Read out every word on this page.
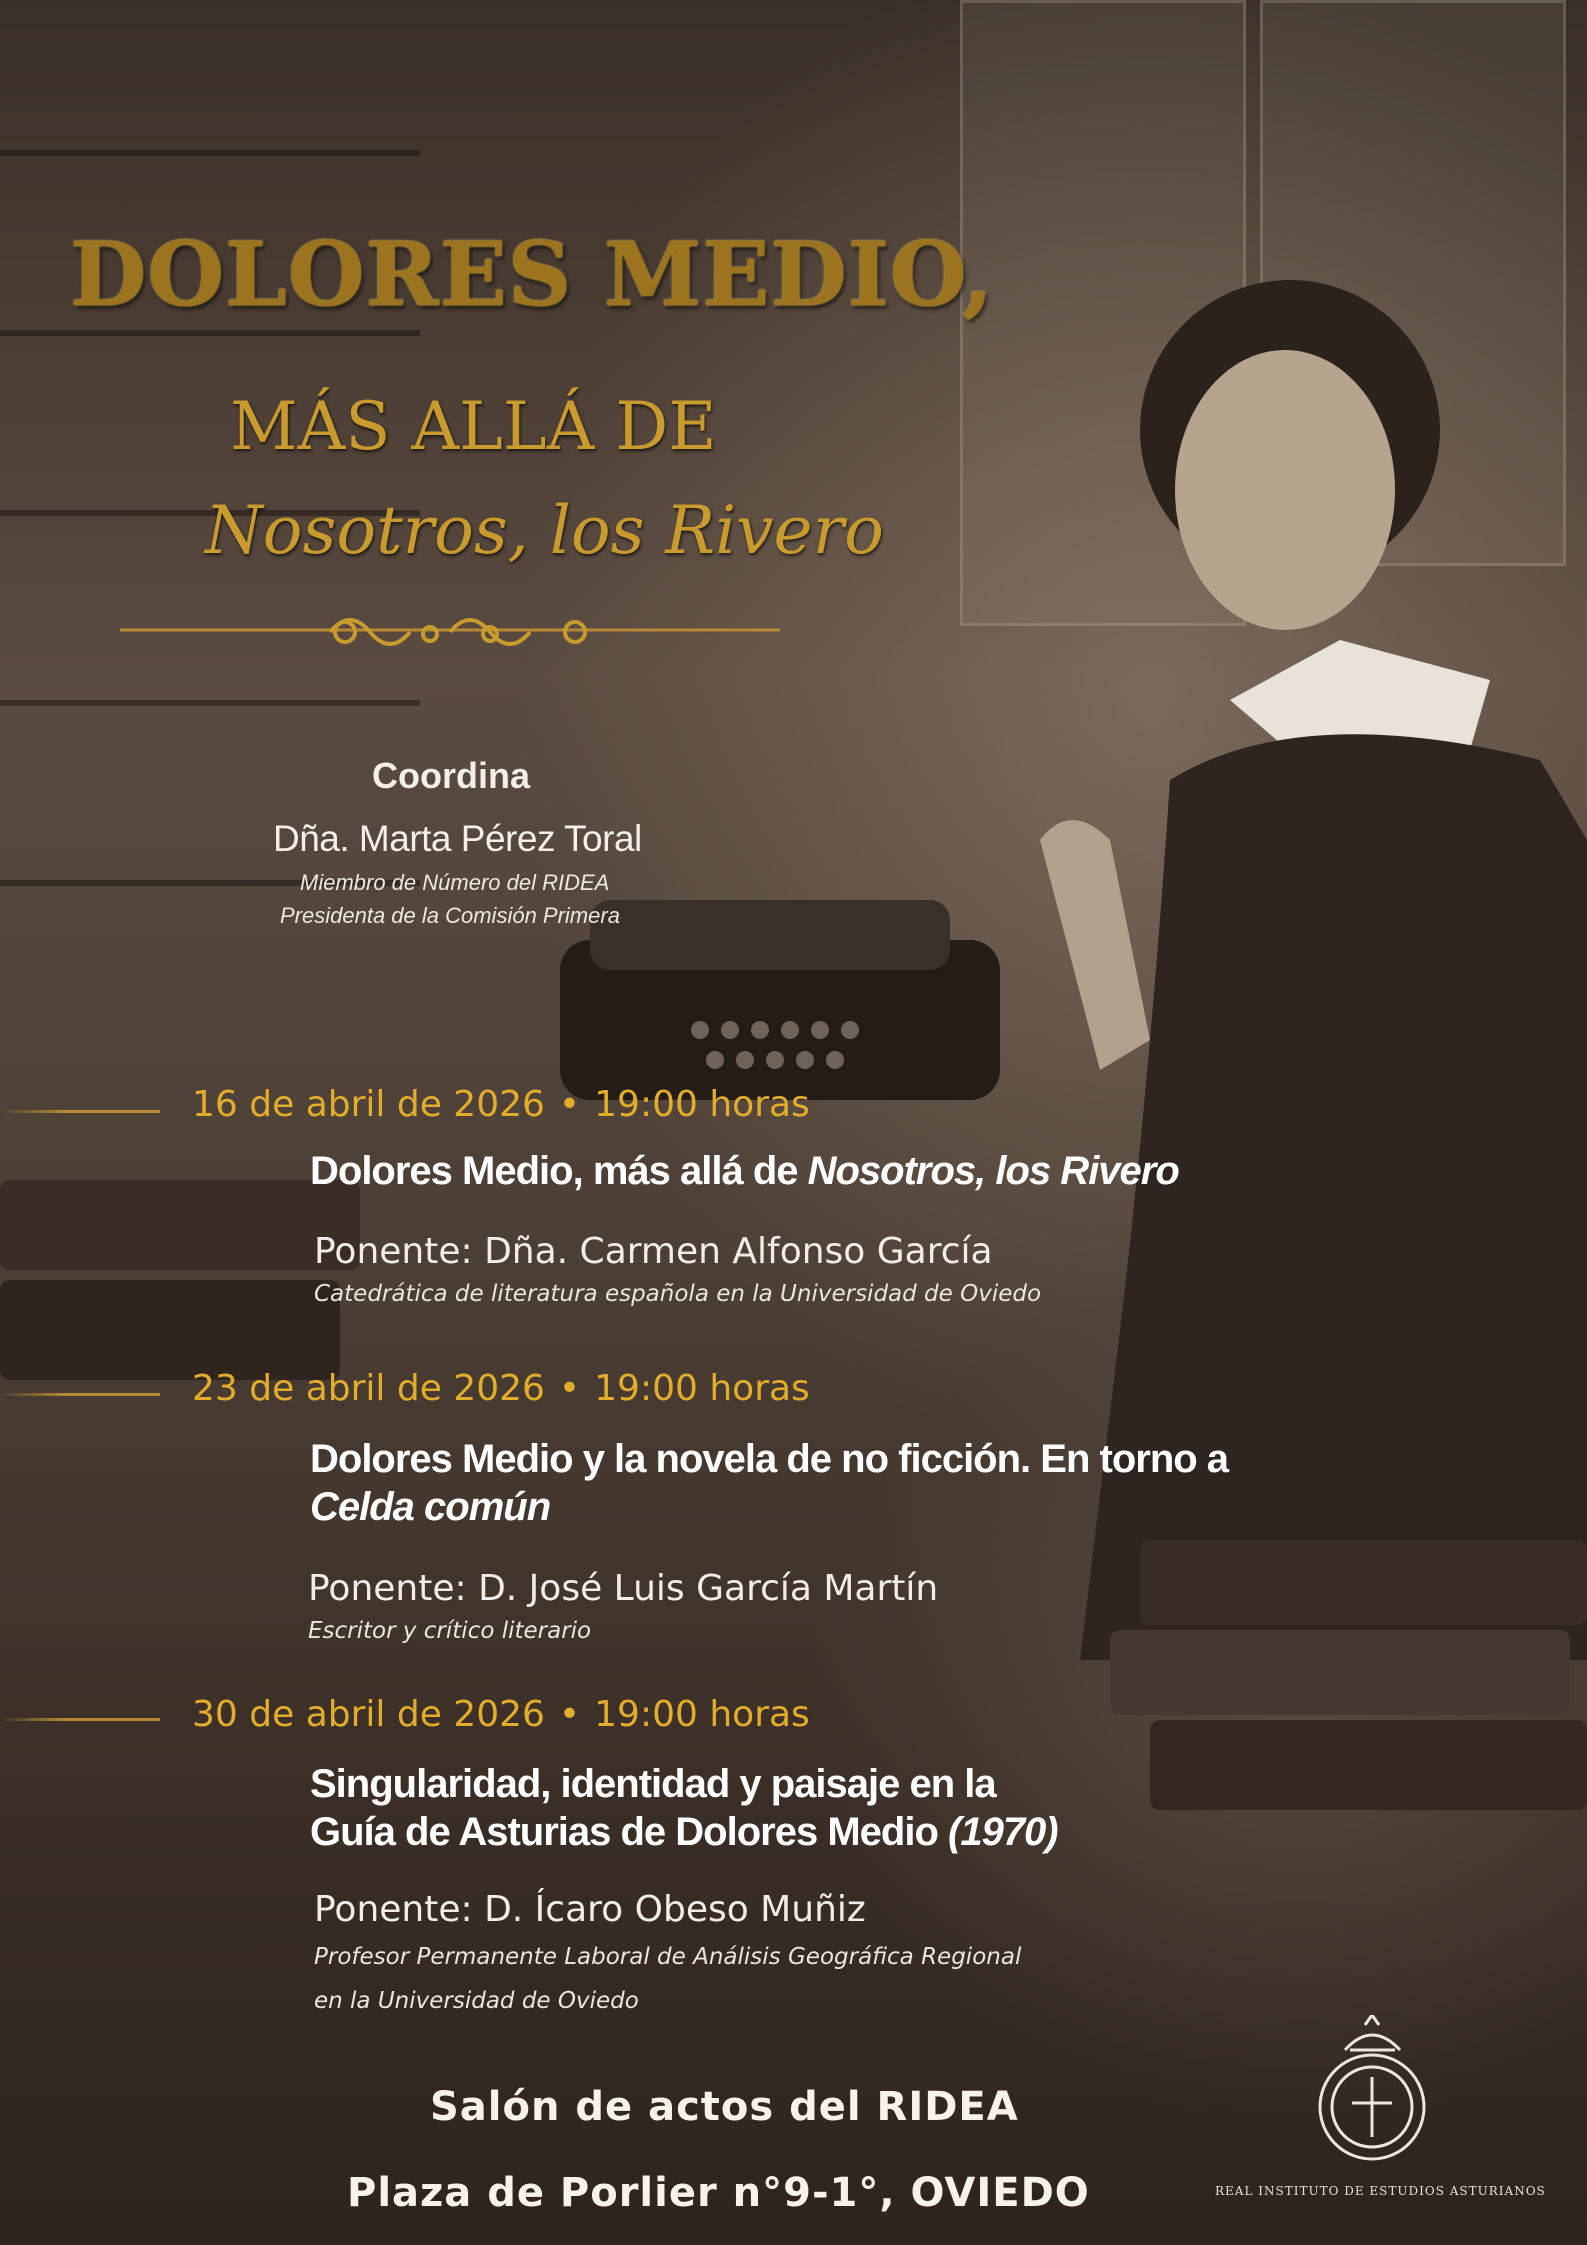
DOLORES MEDIO,
MÁS ALLÁ DE
Nosotros, los Rivero
Coordina
Dña. Marta Pérez Toral
Miembro de Número del RIDEA
Presidenta de la Comisión Primera
16 de abril de 2026 • 19:00 horas
Dolores Medio, más allá de Nosotros, los Rivero
Ponente: Dña. Carmen Alfonso García
Catedrática de literatura española en la Universidad de Oviedo
23 de abril de 2026 • 19:00 horas
Dolores Medio y la novela de no ficción. En torno a
Celda común
Ponente: D. José Luis García Martín
Escritor y crítico literario
30 de abril de 2026 • 19:00 horas
Singularidad, identidad y paisaje en la
Guía de Asturias de Dolores Medio (1970)
Ponente: D. Ícaro Obeso Muñiz
Profesor Permanente Laboral de Análisis Geográfica Regional
en la Universidad de Oviedo
Salón de actos del RIDEA
Plaza de Porlier n°9-1°, OVIEDO	REAL INSTITUTO DE ESTUDIOS ASTURIANOS
